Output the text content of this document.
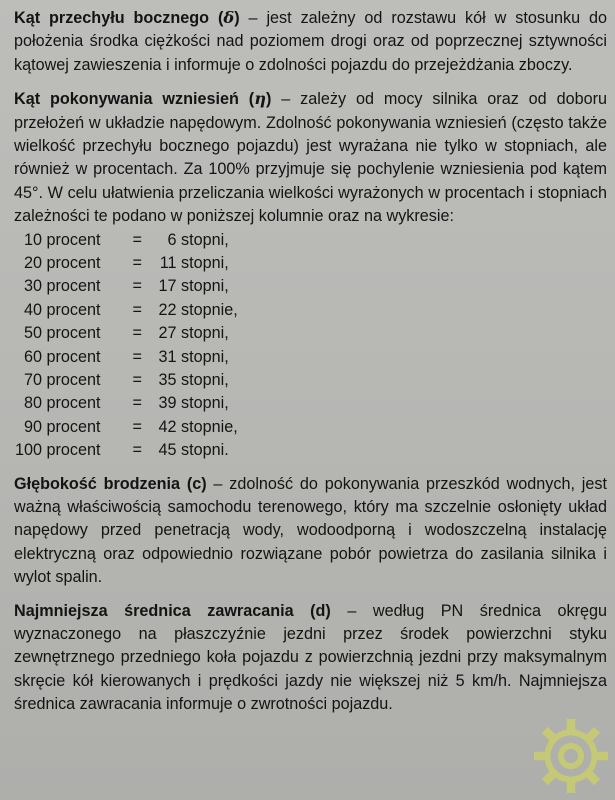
Kąt przechyłu bocznego (δ) – jest zależny od rozstawu kół w stosunku do położenia środka ciężkości nad poziomem drogi oraz od poprzecznej sztywności kątowej zawieszenia i informuje o zdolności pojazdu do przejeżdżania zboczy.

Kąt pokonywania wzniesień (η) – zależy od mocy silnika oraz od doboru przełożeń w układzie napędowym. Zdolność pokonywania wzniesień (często także wielkość przechyłu bocznego pojazdu) jest wyrażana nie tylko w stopniach, ale również w procentach. Za 100% przyjmuje się pochylenie wzniesienia pod kątem 45°. W celu ułatwienia przeliczania wielkości wyrażonych w procentach i stopniach zależności te podano w poniższej kolumnie oraz na wykresie:

10 procent = 6 stopni,
20 procent = 11 stopni,
30 procent = 17 stopni,
40 procent = 22 stopnie,
50 procent = 27 stopni,
60 procent = 31 stopni,
70 procent = 35 stopni,
80 procent = 39 stopni,
90 procent = 42 stopnie,
100 procent = 45 stopni.

Głębokość brodzenia (c) – zdolność do pokonywania przeszkód wodnych, jest ważną właściwością samochodu terenowego, który ma szczelnie osłonięty układ napędowy przed penetracją wody, wodoodporną i wodoszczelną instalację elektryczną oraz odpowiednio rozwiązane pobór powietrza do zasilania silnika i wylot spalin.

Najmniejsza średnica zawracania (d) – według PN średnica okręgu wyznaczonego na płaszczyźnie jezdni przez środek powierzchni styku zewnętrznego przedniego koła pojazdu z powierzchnią jezdni przy maksymalnym skręcie kół kierowanych i prędkości jazdy nie większej niż 5 km/h. Najmniejsza średnica zawracania informuje o zwrotności pojazdu.
